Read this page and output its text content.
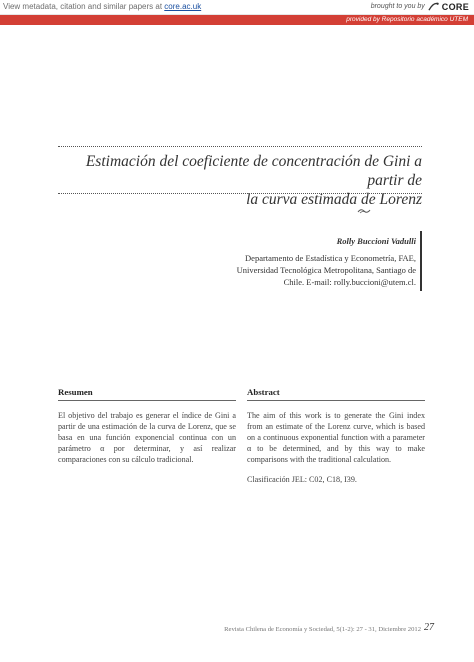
View metadata, citation and similar papers at core.ac.uk	brought to you by CORE
provided by Repositorio académico UTEM
Estimación del coeficiente de concentración de Gini a partir de
la curva estimada de Lorenz
Rolly Buccioni Vadulli
Departamento de Estadística y Econometría, FAE,
Universidad Tecnológica Metropolitana, Santiago de
Chile. E-mail: rolly.buccioni@utem.cl.
Resumen

El objetivo del trabajo es generar el índice de Gini a partir de una estimación de la curva de Lorenz, que se basa en una función exponencial continua con un parámetro α por determinar, y así realizar comparaciones con su cálculo tradicional.

Abstract

The aim of this work is to generate the Gini index from an estimate of the Lorenz curve, which is based on a continuous exponential function with a parameter α to be determined, and by this way to make comparisons with the traditional calculation.

Clasificación JEL: C02, C18, I39.

Revista Chilena de Economía y Sociedad, 5(1-2): 27 - 31, Diciembre 2012 27
